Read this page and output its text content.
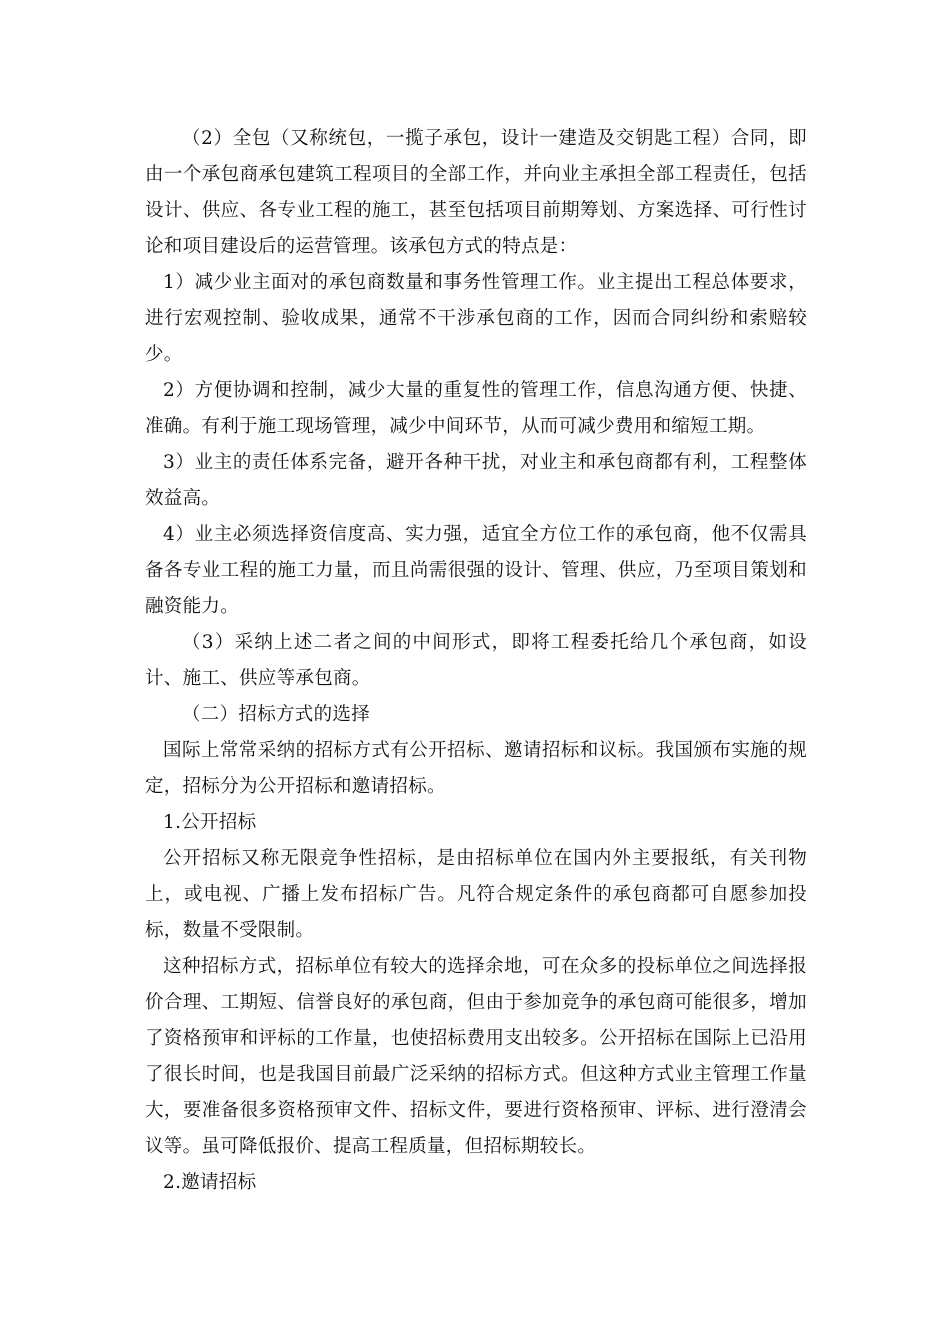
（2）全包（又称统包，一揽子承包，设计一建造及交钥匙工程）合同，即由一个承包商承包建筑工程项目的全部工作，并向业主承担全部工程责任，包括设计、供应、各专业工程的施工，甚至包括项目前期筹划、方案选择、可行性讨论和项目建设后的运营管理。该承包方式的特点是：

1）减少业主面对的承包商数量和事务性管理工作。业主提出工程总体要求，进行宏观控制、验收成果，通常不干涉承包商的工作，因而合同纠纷和索赔较少。

2）方便协调和控制，减少大量的重复性的管理工作，信息沟通方便、快捷、准确。有利于施工现场管理，减少中间环节，从而可减少费用和缩短工期。

3）业主的责任体系完备，避开各种干扰，对业主和承包商都有利，工程整体效益高。

4）业主必须选择资信度高、实力强，适宜全方位工作的承包商，他不仅需具备各专业工程的施工力量，而且尚需很强的设计、管理、供应，乃至项目策划和融资能力。

（3）采纳上述二者之间的中间形式，即将工程委托给几个承包商，如设计、施工、供应等承包商。

（二）招标方式的选择

国际上常常采纳的招标方式有公开招标、邀请招标和议标。我国颁布实施的规定，招标分为公开招标和邀请招标。

1.公开招标

公开招标又称无限竞争性招标，是由招标单位在国内外主要报纸，有关刊物上，或电视、广播上发布招标广告。凡符合规定条件的承包商都可自愿参加投标，数量不受限制。

这种招标方式，招标单位有较大的选择余地，可在众多的投标单位之间选择报价合理、工期短、信誉良好的承包商，但由于参加竞争的承包商可能很多，增加了资格预审和评标的工作量，也使招标费用支出较多。公开招标在国际上已沿用了很长时间，也是我国目前最广泛采纳的招标方式。但这种方式业主管理工作量大，要准备很多资格预审文件、招标文件，要进行资格预审、评标、进行澄清会议等。虽可降低报价、提高工程质量，但招标期较长。

2.邀请招标
